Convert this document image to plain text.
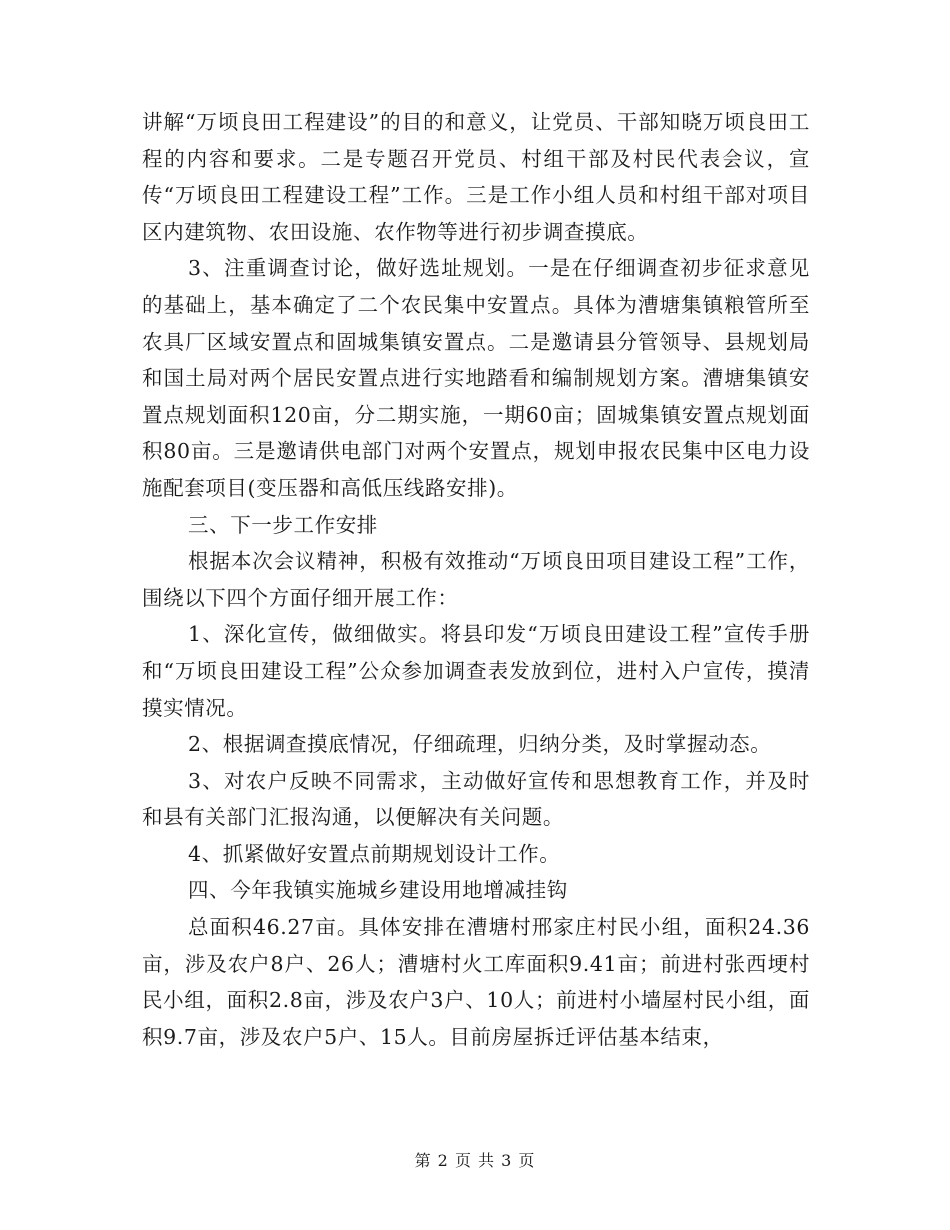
讲解“万顷良田工程建设”的目的和意义，让党员、干部知晓万顷良田工程的内容和要求。二是专题召开党员、村组干部及村民代表会议，宣传“万顷良田工程建设工程”工作。三是工作小组人员和村组干部对项目区内建筑物、农田设施、农作物等进行初步调查摸底。

3、注重调查讨论，做好选址规划。一是在仔细调查初步征求意见的基础上，基本确定了二个农民集中安置点。具体为漕塘集镇粮管所至农具厂区域安置点和固城集镇安置点。二是邀请县分管领导、县规划局和国土局对两个居民安置点进行实地踏看和编制规划方案。漕塘集镇安置点规划面积120亩，分二期实施，一期60亩；固城集镇安置点规划面积80亩。三是邀请供电部门对两个安置点，规划申报农民集中区电力设施配套项目(变压器和高低压线路安排)。

三、下一步工作安排

根据本次会议精神，积极有效推动“万顷良田项目建设工程”工作，围绕以下四个方面仔细开展工作：

1、深化宣传，做细做实。将县印发“万顷良田建设工程”宣传手册和“万顷良田建设工程”公众参加调查表发放到位，进村入户宣传，摸清摸实情况。

2、根据调查摸底情况，仔细疏理，归纳分类，及时掌握动态。

3、对农户反映不同需求，主动做好宣传和思想教育工作，并及时和县有关部门汇报沟通，以便解决有关问题。

4、抓紧做好安置点前期规划设计工作。

四、今年我镇实施城乡建设用地增减挂钩

总面积46.27亩。具体安排在漕塘村邢家庄村民小组，面积24.36亩，涉及农户8户、26人；漕塘村火工库面积9.41亩；前进村张西埂村民小组，面积2.8亩，涉及农户3户、10人；前进村小墙屋村民小组，面积9.7亩，涉及农户5户、15人。目前房屋拆迁评估基本结束，

第 2 页 共 3 页
